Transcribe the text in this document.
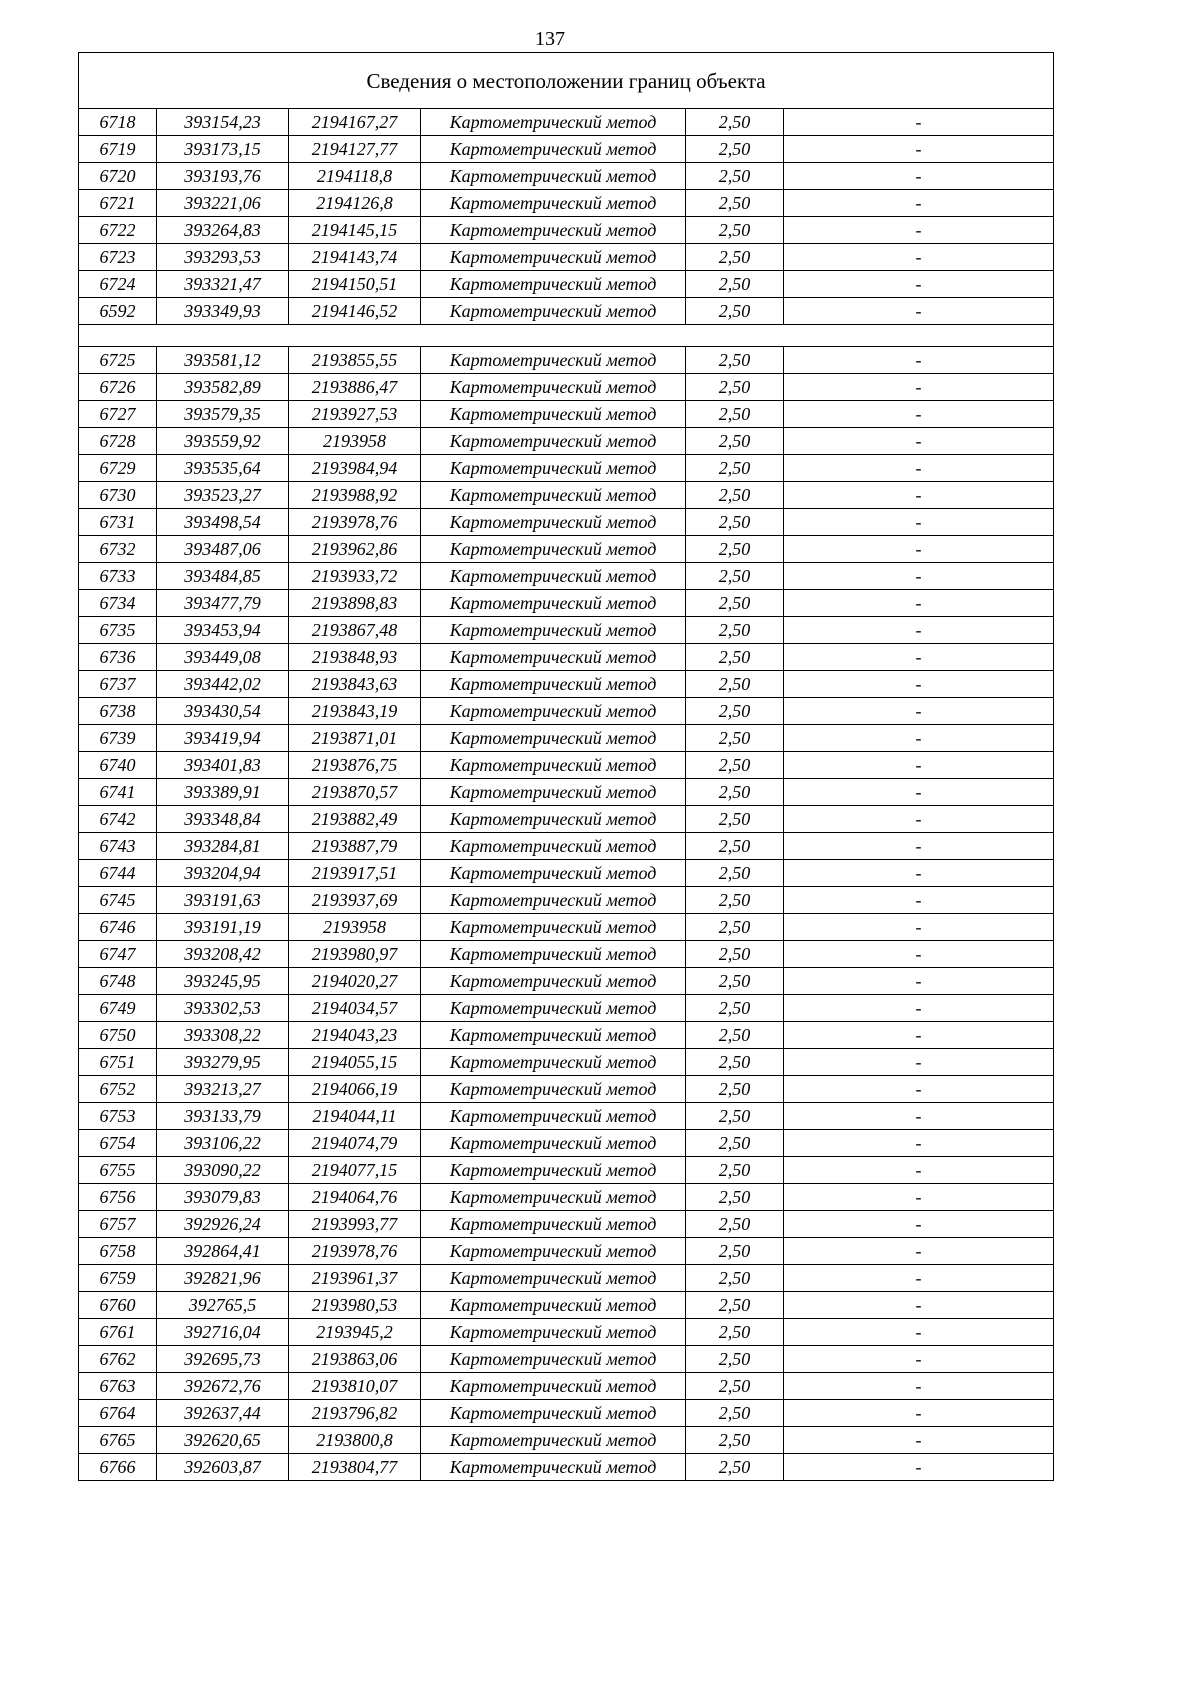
137
Сведения о местоположении границ объекта					
6718	393154,23	2194167,27	Картометрический метод	2,50	-
6719	393173,15	2194127,77	Картометрический метод	2,50	-
6720	393193,76	2194118,8	Картометрический метод	2,50	-
6721	393221,06	2194126,8	Картометрический метод	2,50	-
6722	393264,83	2194145,15	Картометрический метод	2,50	-
6723	393293,53	2194143,74	Картометрический метод	2,50	-
6724	393321,47	2194150,51	Картометрический метод	2,50	-
6592	393349,93	2194146,52	Картометрический метод	2,50	-

6725	393581,12	2193855,55	Картометрический метод	2,50	-
6726	393582,89	2193886,47	Картометрический метод	2,50	-
6727	393579,35	2193927,53	Картометрический метод	2,50	-
6728	393559,92	2193958	Картометрический метод	2,50	-
6729	393535,64	2193984,94	Картометрический метод	2,50	-
6730	393523,27	2193988,92	Картометрический метод	2,50	-
6731	393498,54	2193978,76	Картометрический метод	2,50	-
6732	393487,06	2193962,86	Картометрический метод	2,50	-
6733	393484,85	2193933,72	Картометрический метод	2,50	-
6734	393477,79	2193898,83	Картометрический метод	2,50	-
6735	393453,94	2193867,48	Картометрический метод	2,50	-
6736	393449,08	2193848,93	Картометрический метод	2,50	-
6737	393442,02	2193843,63	Картометрический метод	2,50	-
6738	393430,54	2193843,19	Картометрический метод	2,50	-
6739	393419,94	2193871,01	Картометрический метод	2,50	-
6740	393401,83	2193876,75	Картометрический метод	2,50	-
6741	393389,91	2193870,57	Картометрический метод	2,50	-
6742	393348,84	2193882,49	Картометрический метод	2,50	-
6743	393284,81	2193887,79	Картометрический метод	2,50	-
6744	393204,94	2193917,51	Картометрический метод	2,50	-
6745	393191,63	2193937,69	Картометрический метод	2,50	-
6746	393191,19	2193958	Картометрический метод	2,50	-
6747	393208,42	2193980,97	Картометрический метод	2,50	-
6748	393245,95	2194020,27	Картометрический метод	2,50	-
6749	393302,53	2194034,57	Картометрический метод	2,50	-
6750	393308,22	2194043,23	Картометрический метод	2,50	-
6751	393279,95	2194055,15	Картометрический метод	2,50	-
6752	393213,27	2194066,19	Картометрический метод	2,50	-
6753	393133,79	2194044,11	Картометрический метод	2,50	-
6754	393106,22	2194074,79	Картометрический метод	2,50	-
6755	393090,22	2194077,15	Картометрический метод	2,50	-
6756	393079,83	2194064,76	Картометрический метод	2,50	-
6757	392926,24	2193993,77	Картометрический метод	2,50	-
6758	392864,41	2193978,76	Картометрический метод	2,50	-
6759	392821,96	2193961,37	Картометрический метод	2,50	-
6760	392765,5	2193980,53	Картометрический метод	2,50	-
6761	392716,04	2193945,2	Картометрический метод	2,50	-
6762	392695,73	2193863,06	Картометрический метод	2,50	-
6763	392672,76	2193810,07	Картометрический метод	2,50	-
6764	392637,44	2193796,82	Картометрический метод	2,50	-
6765	392620,65	2193800,8	Картометрический метод	2,50	-
6766	392603,87	2193804,77	Картометрический метод	2,50	-
